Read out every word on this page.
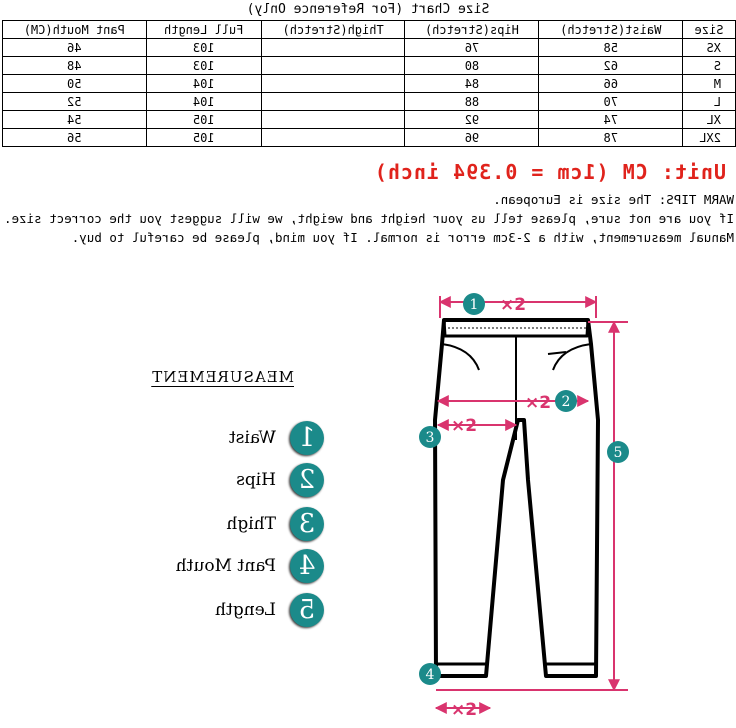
Size Chart (For Reference Only)
Size	Waist(Stretch)	Hips(Stretch)	Thigh(Stretch)	Full Length	Pant Mouth(CM)
XS	58	76		103	46
S	62	80		103	48
M	66	84		104	50
L	70	88		104	52
XL	74	92		105	54
2XL	78	96		105	56
Unit: CM (1cm = 0.394 inch)

WARM TIPS: The size is European.

If you are not sure, please tell us your height and weight, we will suggest you the correct size.

Manual measurement, with a 2-3cm error is normal. If you mind, please be careful to buy.

1
2
3
4
5
×2
×2
×2
×2
MEASUREMENT
1
Waist
2
Hips
3
Thigh
4
Pant Mouth
5
Length
